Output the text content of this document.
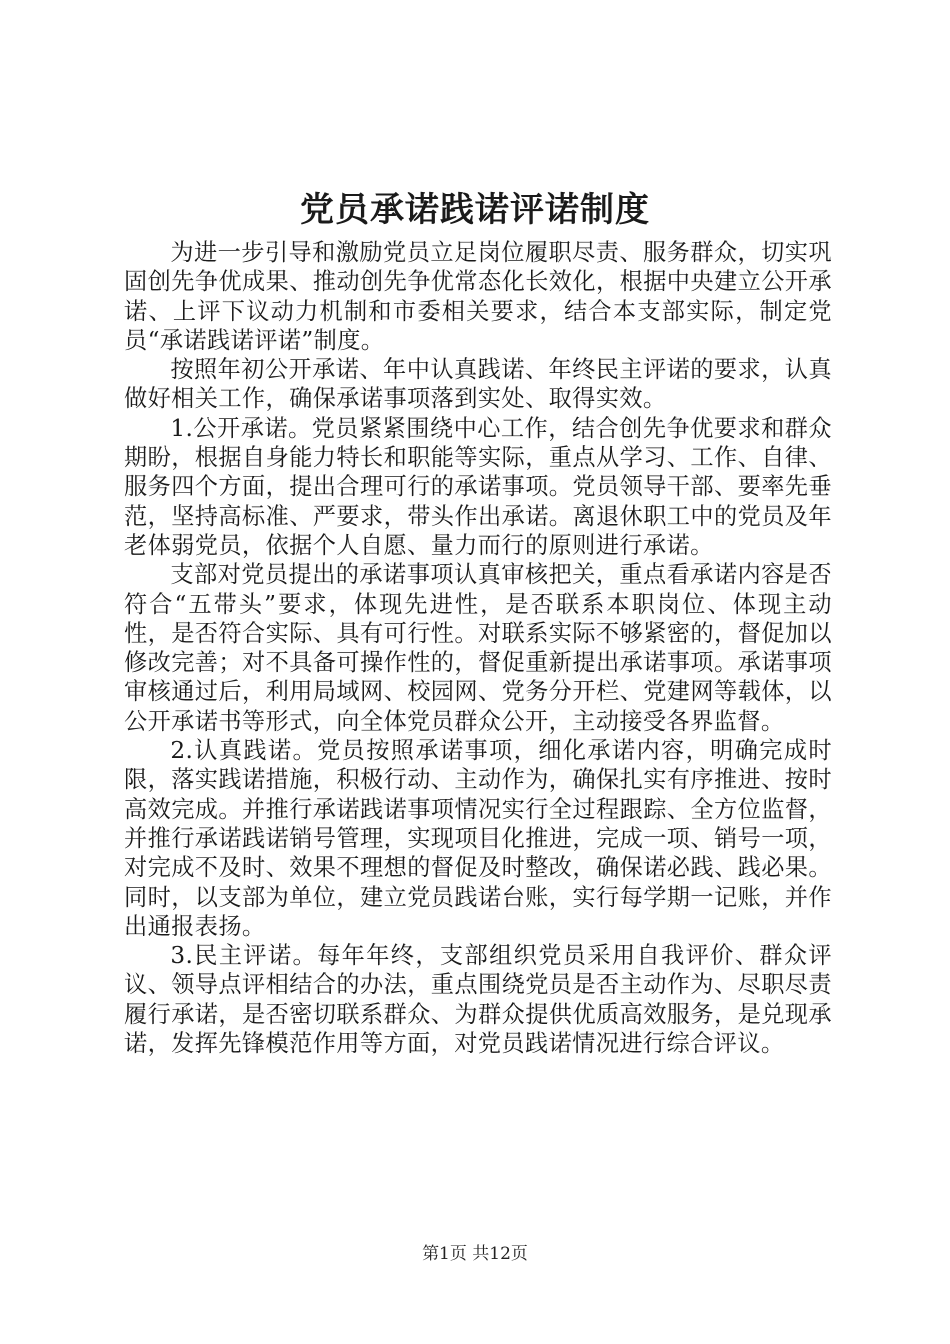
党员承诺践诺评诺制度

为进一步引导和激励党员立足岗位履职尽责、服务群众，切实巩固创先争优成果、推动创先争优常态化长效化，根据中央建立公开承诺、上评下议动力机制和市委相关要求，结合本支部实际，制定党员“承诺践诺评诺”制度。

按照年初公开承诺、年中认真践诺、年终民主评诺的要求，认真做好相关工作，确保承诺事项落到实处、取得实效。

1.公开承诺。党员紧紧围绕中心工作，结合创先争优要求和群众期盼，根据自身能力特长和职能等实际，重点从学习、工作、自律、服务四个方面，提出合理可行的承诺事项。党员领导干部、要率先垂范，坚持高标准、严要求，带头作出承诺。离退休职工中的党员及年老体弱党员，依据个人自愿、量力而行的原则进行承诺。

支部对党员提出的承诺事项认真审核把关，重点看承诺内容是否符合“五带头”要求，体现先进性，是否联系本职岗位、体现主动性，是否符合实际、具有可行性。对联系实际不够紧密的，督促加以修改完善；对不具备可操作性的，督促重新提出承诺事项。承诺事项审核通过后，利用局域网、校园网、党务分开栏、党建网等载体，以公开承诺书等形式，向全体党员群众公开，主动接受各界监督。

2.认真践诺。党员按照承诺事项，细化承诺内容，明确完成时限，落实践诺措施，积极行动、主动作为，确保扎实有序推进、按时高效完成。并推行承诺践诺事项情况实行全过程跟踪、全方位监督，并推行承诺践诺销号管理，实现项目化推进，完成一项、销号一项，对完成不及时、效果不理想的督促及时整改，确保诺必践、践必果。同时，以支部为单位，建立党员践诺台账，实行每学期一记账，并作出通报表扬。

3.民主评诺。每年年终，支部组织党员采用自我评价、群众评议、领导点评相结合的办法，重点围绕党员是否主动作为、尽职尽责履行承诺，是否密切联系群众、为群众提供优质高效服务，是兑现承诺，发挥先锋模范作用等方面，对党员践诺情况进行综合评议。

第1页 共12页
